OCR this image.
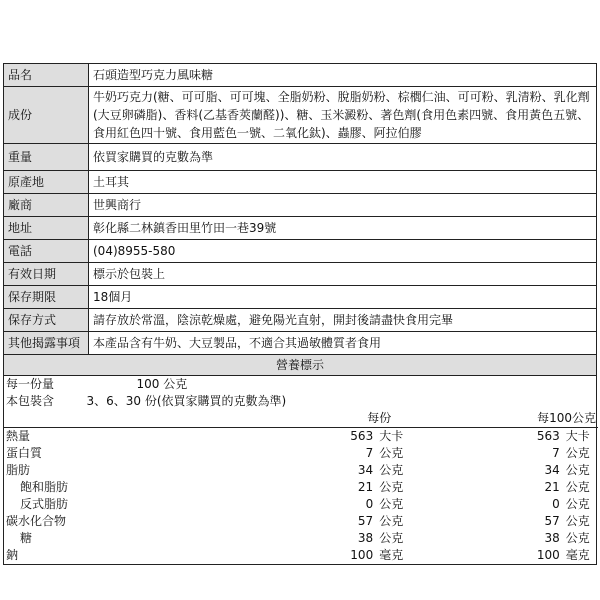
品名	石頭造型巧克力風味糖
成份	牛奶巧克力(糖、可可脂、可可塊、全脂奶粉、脫脂奶粉、棕櫚仁油、可可粉、乳清粉、乳化劑(大豆卵磷脂)、香料(乙基香莢蘭醛))、糖、玉米澱粉、著色劑(食用色素四號、食用黃色五號、食用紅色四十號、食用藍色一號、二氧化鈦)、蟲膠、阿拉伯膠
重量	依買家購買的克數為準
原產地	土耳其
廠商	世興商行
地址	彰化縣二林鎮香田里竹田一巷39號
電話	(04)8955-580
有效日期	標示於包裝上
保存期限	18個月
保存方式	請存放於常溫，陰涼乾燥處，避免陽光直射，開封後請盡快食用完畢
其他揭露事項	本產品含有牛奶、大豆製品，不適合其過敏體質者食用
營養標示	
每一份量	100 公克			
本包裝含	3、6、30 份(依買家購買的克數為準)			
	每份		每100公克	
熱量	563	大卡	563	大卡
蛋白質	7	公克	7	公克
脂肪	34	公克	34	公克
飽和脂肪	21	公克	21	公克
反式脂肪	0	公克	0	公克
碳水化合物	57	公克	57	公克
糖	38	公克	38	公克
鈉	100	毫克	100	毫克
